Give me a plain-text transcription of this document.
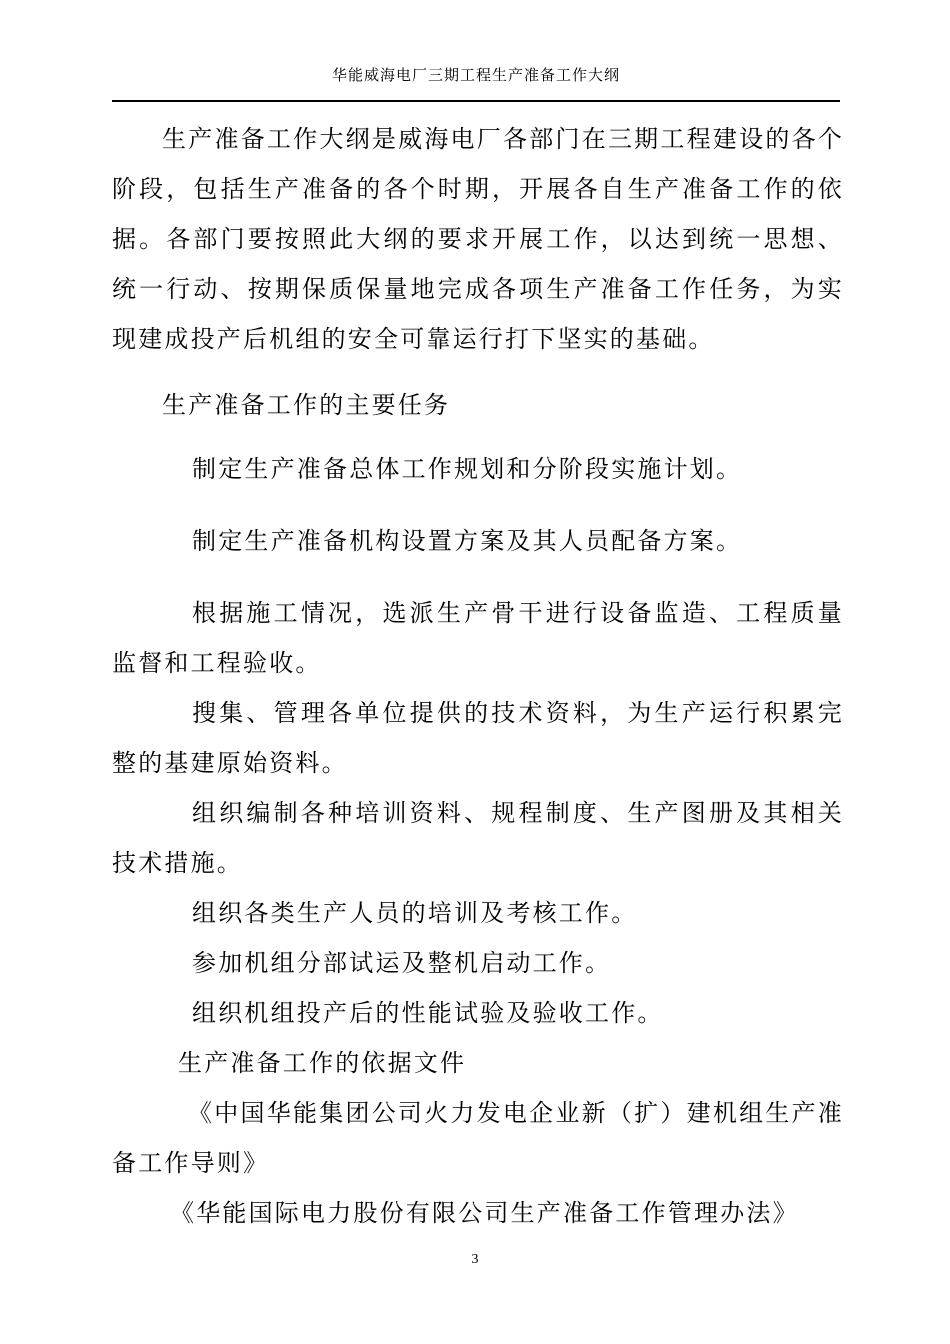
华能威海电厂三期工程生产准备工作大纲

生产准备工作大纲是威海电厂各部门在三期工程建设的各个阶段，包括生产准备的各个时期，开展各自生产准备工作的依据。各部门要按照此大纲的要求开展工作，以达到统一思想、统一行动、按期保质保量地完成各项生产准备工作任务，为实现建成投产后机组的安全可靠运行打下坚实的基础。

生产准备工作的主要任务

制定生产准备总体工作规划和分阶段实施计划。

制定生产准备机构设置方案及其人员配备方案。

根据施工情况，选派生产骨干进行设备监造、工程质量监督和工程验收。

搜集、管理各单位提供的技术资料，为生产运行积累完整的基建原始资料。

组织编制各种培训资料、规程制度、生产图册及其相关技术措施。

组织各类生产人员的培训及考核工作。

参加机组分部试运及整机启动工作。

组织机组投产后的性能试验及验收工作。

生产准备工作的依据文件

《中国华能集团公司火力发电企业新（扩）建机组生产准备工作导则》

《华能国际电力股份有限公司生产准备工作管理办法》

3
